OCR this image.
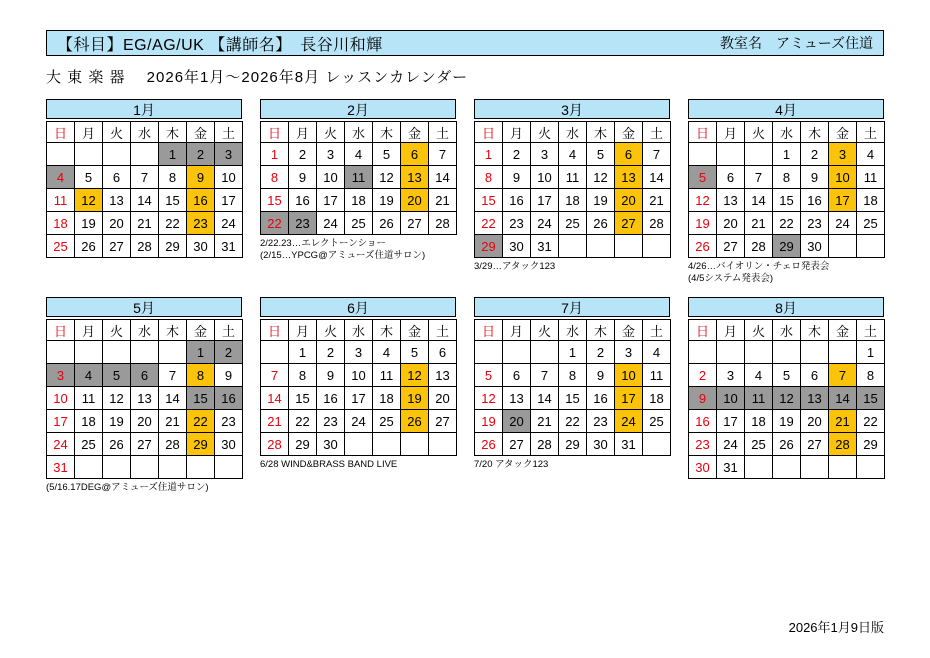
【科目】EG/AG/UK 【講師名】　長谷川和輝	教室名　アミューズ住道
大 東 楽 器　 2026年1月〜2026年8月 レッスンカレンダー
1月
日	月	火	水	木	金	土
				1	2	3
4	5	6	7	8	9	10
11	12	13	14	15	16	17
18	19	20	21	22	23	24
25	26	27	28	29	30	31
2月
日	月	火	水	木	金	土
1	2	3	4	5	6	7
8	9	10	11	12	13	14
15	16	17	18	19	20	21
22	23	24	25	26	27	28
2/22.23…エレクトーンショー
(2/15…YPCG@アミューズ住道サロン)
3月
日	月	火	水	木	金	土
1	2	3	4	5	6	7
8	9	10	11	12	13	14
15	16	17	18	19	20	21
22	23	24	25	26	27	28
29	30	31				
3/29…アタック123
4月
日	月	火	水	木	金	土
			1	2	3	4
5	6	7	8	9	10	11
12	13	14	15	16	17	18
19	20	21	22	23	24	25
26	27	28	29	30		
4/26…バイオリン・チェロ発表会
(4/5システム発表会)
5月
日	月	火	水	木	金	土
					1	2
3	4	5	6	7	8	9
10	11	12	13	14	15	16
17	18	19	20	21	22	23
24	25	26	27	28	29	30
31						
(5/16.17DEG@アミューズ住道サロン)
6月
日	月	火	水	木	金	土
	1	2	3	4	5	6
7	8	9	10	11	12	13
14	15	16	17	18	19	20
21	22	23	24	25	26	27
28	29	30				
6/28 WIND&BRASS BAND LIVE
7月
日	月	火	水	木	金	土
			1	2	3	4
5	6	7	8	9	10	11
12	13	14	15	16	17	18
19	20	21	22	23	24	25
26	27	28	29	30	31	
7/20 アタック123
8月
日	月	火	水	木	金	土
						1
2	3	4	5	6	7	8
9	10	11	12	13	14	15
16	17	18	19	20	21	22
23	24	25	26	27	28	29
30	31					
2026年1月9日版
